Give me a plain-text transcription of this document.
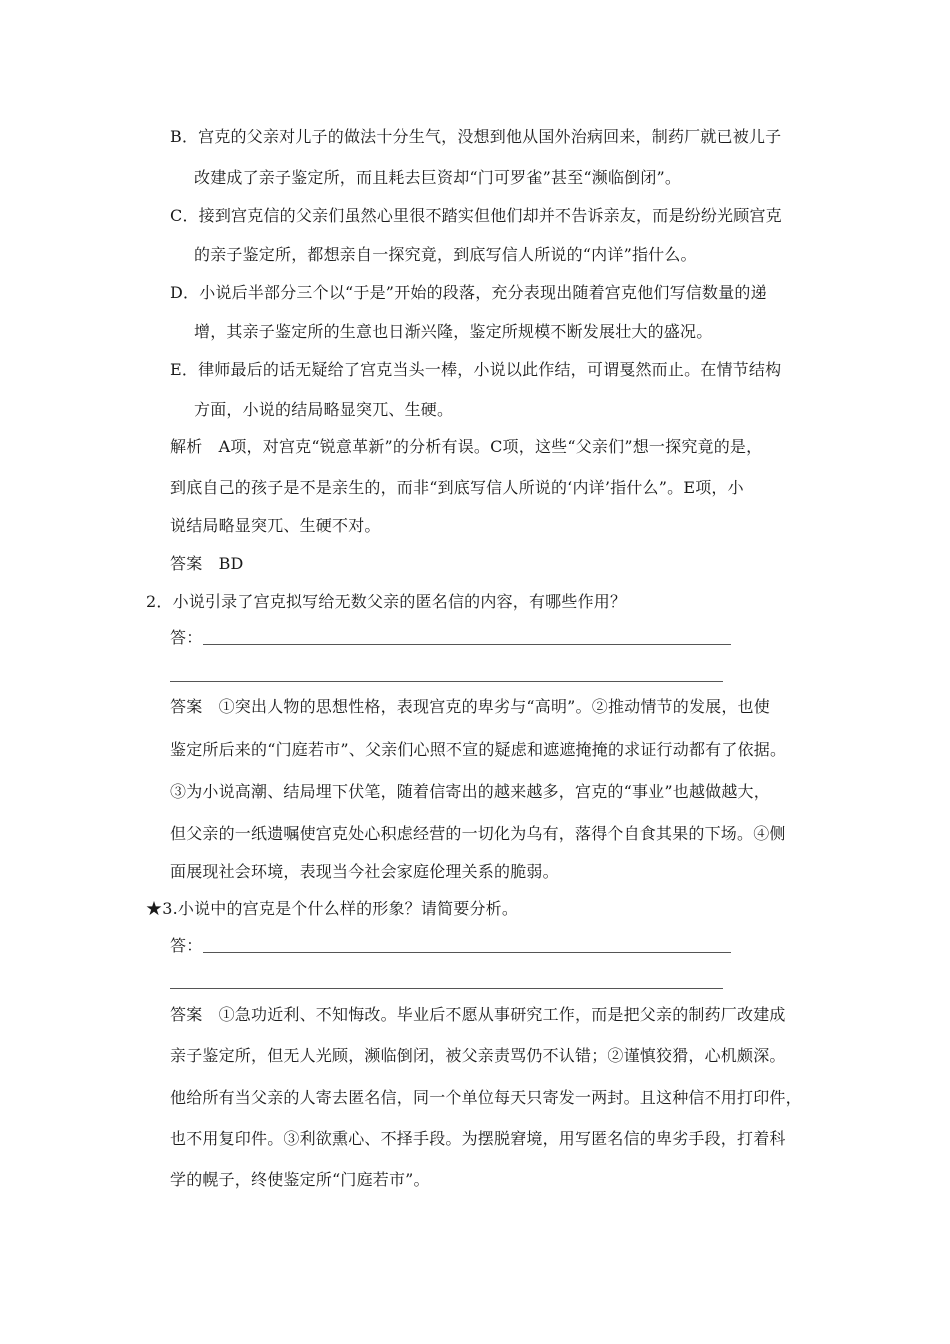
B．宫克的父亲对儿子的做法十分生气，没想到他从国外治病回来，制药厂就已被儿子
改建成了亲子鉴定所，而且耗去巨资却“门可罗雀”甚至“濒临倒闭”。
C．接到宫克信的父亲们虽然心里很不踏实但他们却并不告诉亲友，而是纷纷光顾宫克
的亲子鉴定所，都想亲自一探究竟，到底写信人所说的“内详”指什么。
D．小说后半部分三个以“于是”开始的段落，充分表现出随着宫克他们写信数量的递
增，其亲子鉴定所的生意也日渐兴隆，鉴定所规模不断发展壮大的盛况。
E．律师最后的话无疑给了宫克当头一棒，小说以此作结，可谓戛然而止。在情节结构
方面，小说的结局略显突兀、生硬。
解析　A项，对宫克“锐意革新”的分析有误。C项，这些“父亲们”想一探究竟的是，
到底自己的孩子是不是亲生的，而非“到底写信人所说的‘内详’指什么”。E项，小
说结局略显突兀、生硬不对。
答案　BD
2．小说引录了宫克拟写给无数父亲的匿名信的内容，有哪些作用？
答：
答案　①突出人物的思想性格，表现宫克的卑劣与“高明”。②推动情节的发展，也使
鉴定所后来的“门庭若市”、父亲们心照不宣的疑虑和遮遮掩掩的求证行动都有了依据。
③为小说高潮、结局埋下伏笔，随着信寄出的越来越多，宫克的“事业”也越做越大，
但父亲的一纸遗嘱使宫克处心积虑经营的一切化为乌有，落得个自食其果的下场。④侧
面展现社会环境，表现当今社会家庭伦理关系的脆弱。
★3.小说中的宫克是个什么样的形象？请简要分析。
答：
答案　①急功近利、不知悔改。毕业后不愿从事研究工作，而是把父亲的制药厂改建成
亲子鉴定所，但无人光顾，濒临倒闭，被父亲责骂仍不认错；②谨慎狡猾，心机颇深。
他给所有当父亲的人寄去匿名信，同一个单位每天只寄发一两封。且这种信不用打印件，
也不用复印件。③利欲熏心、不择手段。为摆脱窘境，用写匿名信的卑劣手段，打着科
学的幌子，终使鉴定所“门庭若市”。
